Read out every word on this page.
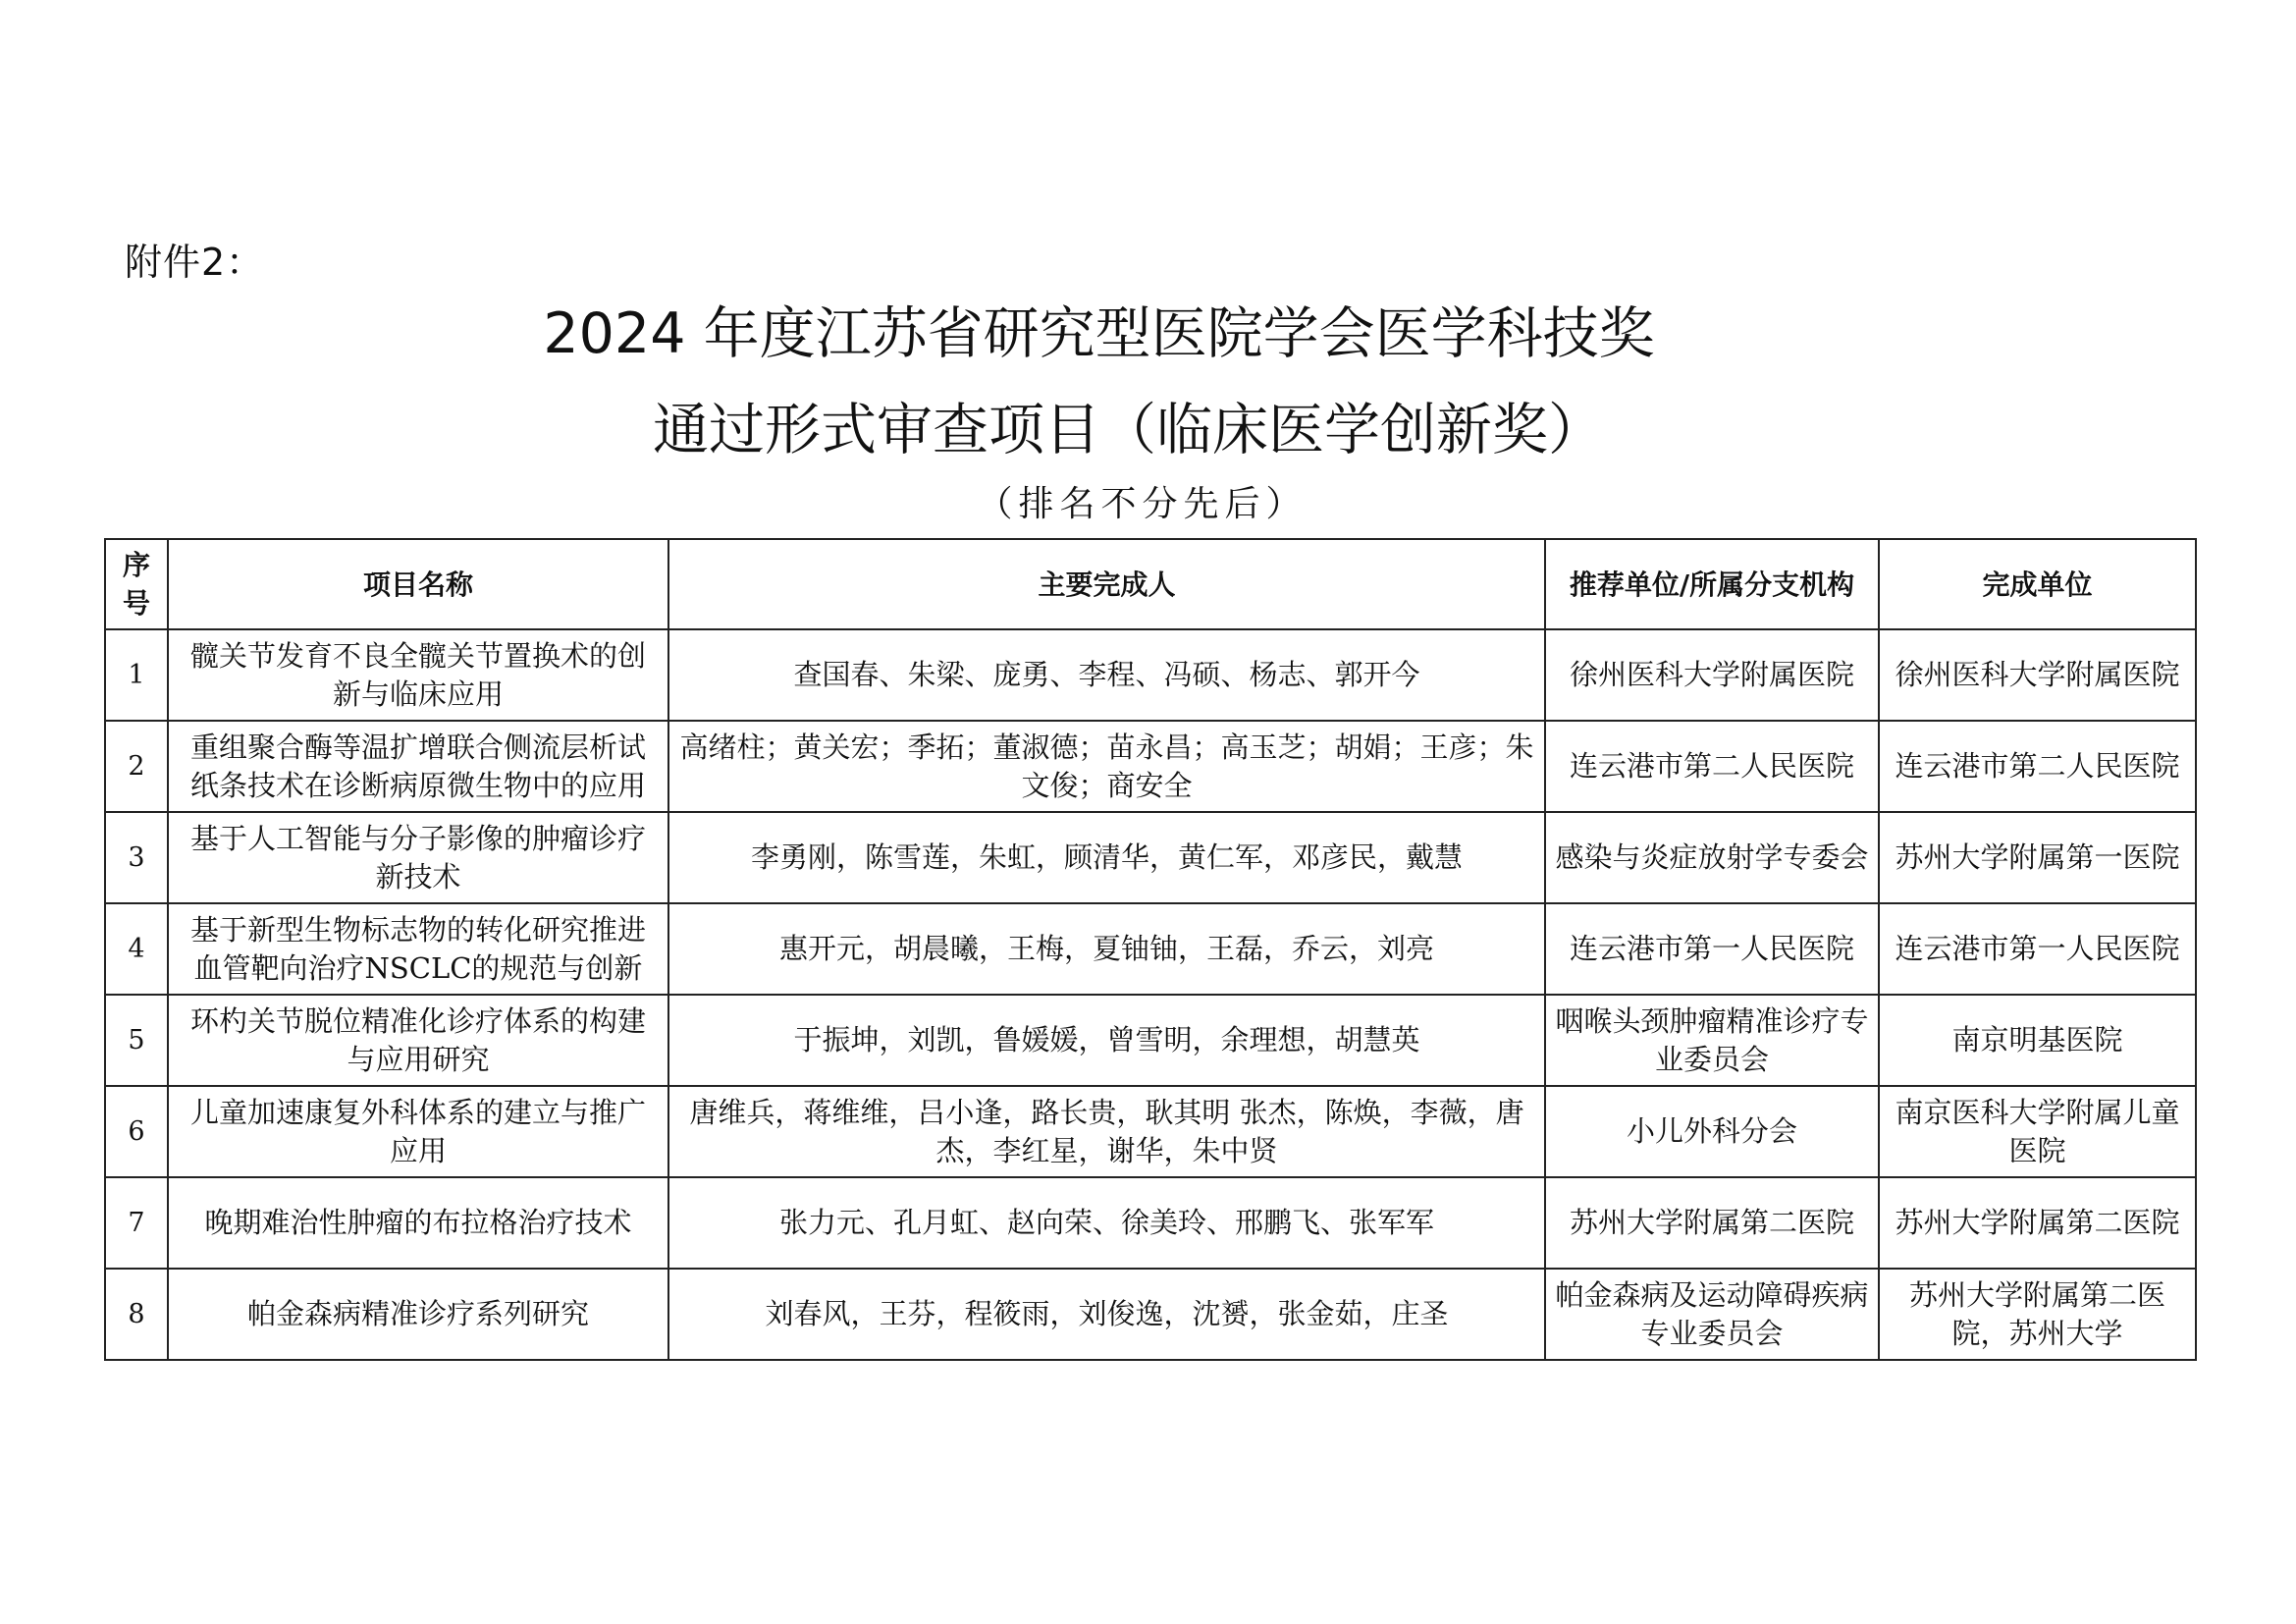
附件2：
2024 年度江苏省研究型医院学会医学科技奖
通过形式审查项目（临床医学创新奖）
（排名不分先后）
序号	项目名称	主要完成人	推荐单位/所属分支机构	完成单位
1	髋关节发育不良全髋关节置换术的创新与临床应用	查国春、朱梁、庞勇、李程、冯硕、杨志、郭开今	徐州医科大学附属医院	徐州医科大学附属医院
2	重组聚合酶等温扩增联合侧流层析试纸条技术在诊断病原微生物中的应用	高绪柱；黄关宏；季拓；董淑德；苗永昌；高玉芝；胡娟；王彦；朱文俊；商安全	连云港市第二人民医院	连云港市第二人民医院
3	基于人工智能与分子影像的肿瘤诊疗新技术	李勇刚，陈雪莲，朱虹，顾清华，黄仁军，邓彦民，戴慧	感染与炎症放射学专委会	苏州大学附属第一医院
4	基于新型生物标志物的转化研究推进血管靶向治疗NSCLC的规范与创新	惠开元，胡晨曦，王梅，夏铀铀，王磊，乔云，刘亮	连云港市第一人民医院	连云港市第一人民医院
5	环杓关节脱位精准化诊疗体系的构建与应用研究	于振坤，刘凯，鲁媛媛，曾雪明，余理想，胡慧英	咽喉头颈肿瘤精准诊疗专业委员会	南京明基医院
6	儿童加速康复外科体系的建立与推广应用	唐维兵，蒋维维，吕小逢，路长贵，耿其明 张杰，陈焕，李薇，唐杰，李红星，谢华，朱中贤	小儿外科分会	南京医科大学附属儿童医院
7	晚期难治性肿瘤的布拉格治疗技术	张力元、孔月虹、赵向荣、徐美玲、邢鹏飞、张军军	苏州大学附属第二医院	苏州大学附属第二医院
8	帕金森病精准诊疗系列研究	刘春风，王芬，程筱雨，刘俊逸，沈赟，张金茹，庄圣	帕金森病及运动障碍疾病专业委员会	苏州大学附属第二医院，苏州大学
